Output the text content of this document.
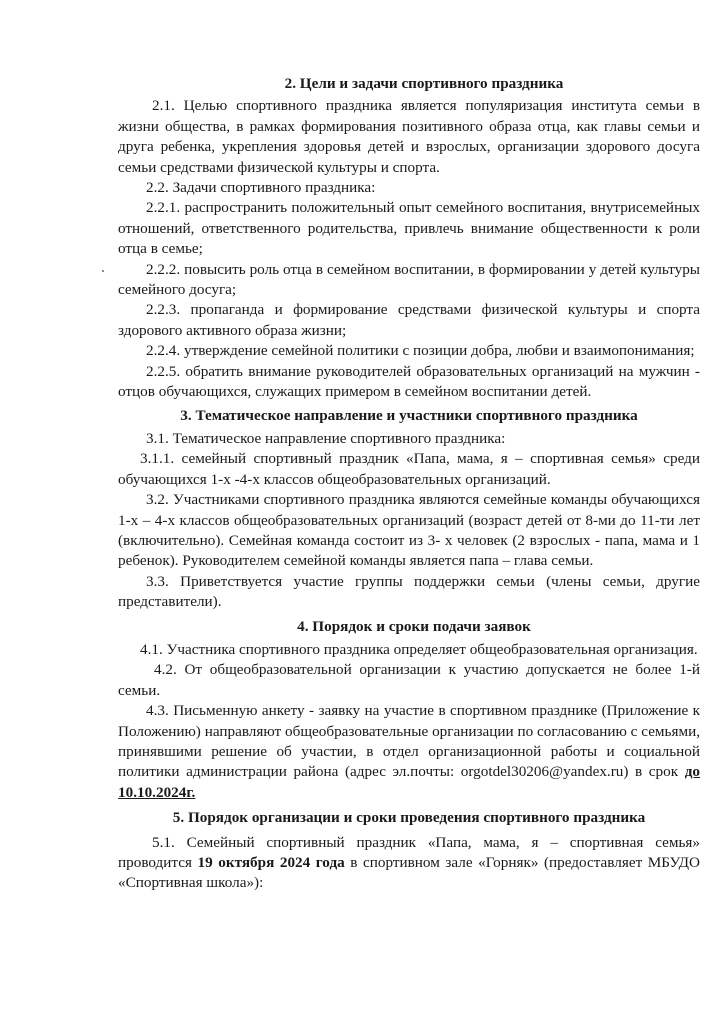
2. Цели и задачи спортивного праздника

2.1. Целью спортивного праздника является популяризация института семьи в жизни общества, в рамках формирования позитивного образа отца, как главы семьи и друга ребенка, укрепления здоровья детей и взрослых, организации здорового досуга семьи средствами физической культуры и спорта.

2.2. Задачи спортивного праздника:

2.2.1. распространить положительный опыт семейного воспитания, внутрисемейных отношений, ответственного родительства, привлечь внимание общественности к роли отца в семье;

2.2.2. повысить роль отца в семейном воспитании, в формировании у детей культуры семейного досуга;

2.2.3. пропаганда и формирование средствами физической культуры и спорта здорового активного образа жизни;

2.2.4. утверждение семейной политики с позиции добра, любви и взаимопонимания;

2.2.5. обратить внимание руководителей образовательных организаций на мужчин - отцов обучающихся, служащих примером в семейном воспитании детей.

3. Тематическое направление и участники спортивного праздника

3.1. Тематическое направление спортивного праздника:

3.1.1. семейный спортивный праздник «Папа, мама, я – спортивная семья» среди обучающихся 1-х -4-х классов общеобразовательных организаций.

3.2. Участниками спортивного праздника являются семейные команды обучающихся 1-х – 4-х классов общеобразовательных организаций (возраст детей от 8-ми до 11-ти лет (включительно). Семейная команда состоит из 3- х человек (2 взрослых - папа, мама и 1 ребенок). Руководителем семейной команды является папа – глава семьи.

3.3. Приветствуется участие группы поддержки семьи (члены семьи, другие представители).

4. Порядок и сроки подачи заявок

4.1. Участника спортивного праздника определяет общеобразовательная организация.

4.2. От общеобразовательной организации к участию допускается не более 1-й семьи.

4.3. Письменную анкету - заявку на участие в спортивном празднике (Приложение к Положению) направляют общеобразовательные организации по согласованию с семьями, принявшими решение об участии, в отдел организационной работы и социальной политики администрации района (адрес эл.почты: orgotdel30206@yandex.ru) в срок до 10.10.2024г.

5. Порядок организации и сроки проведения спортивного праздника

5.1. Семейный спортивный праздник «Папа, мама, я – спортивная семья» проводится 19 октября 2024 года в спортивном зале «Горняк» (предоставляет МБУДО «Спортивная школа»):
